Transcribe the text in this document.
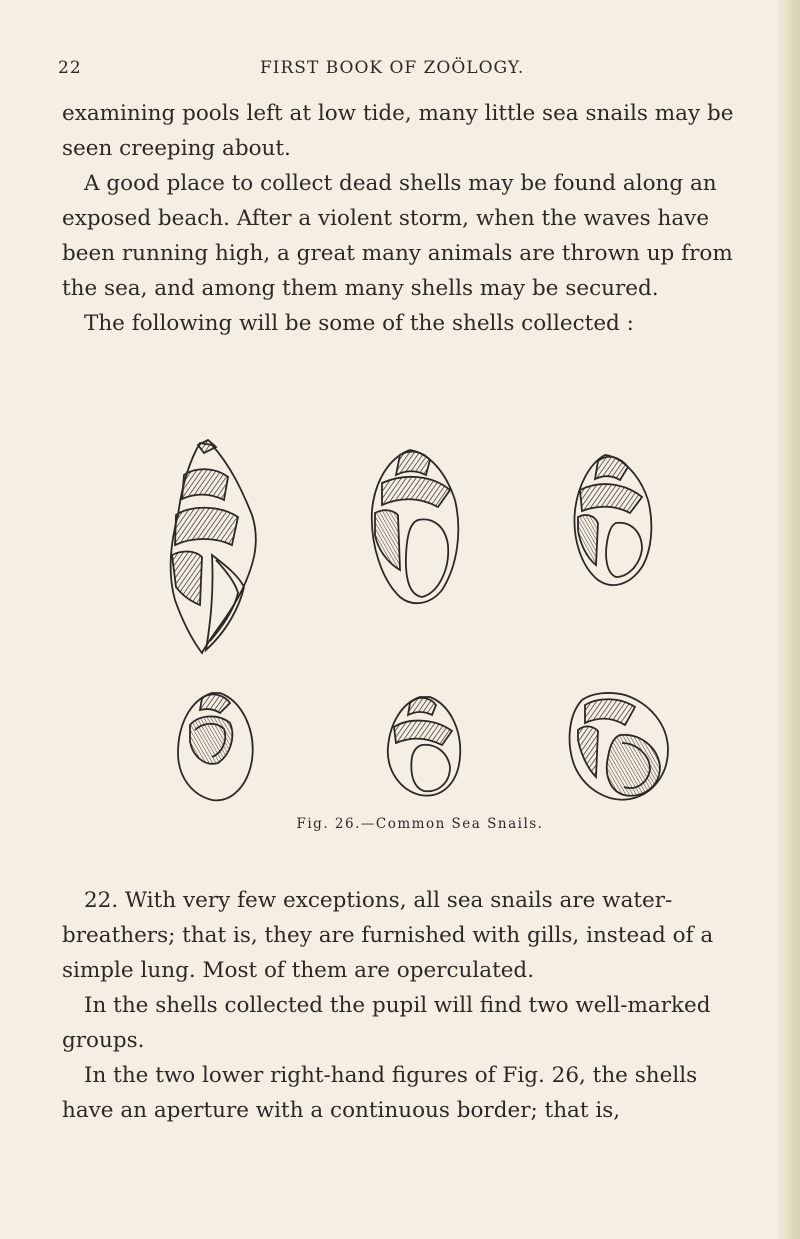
22	FIRST BOOK OF ZOÖLOGY.

examining pools left at low tide, many little sea snails may be seen creeping about.

A good place to collect dead shells may be found along an exposed beach. After a violent storm, when the waves have been running high, a great many animals are thrown up from the sea, and among them many shells may be secured.

The following will be some of the shells collected :

Fig. 26.—Common Sea Snails.

22. With very few exceptions, all sea snails are water-breathers; that is, they are furnished with gills, instead of a simple lung. Most of them are operculated.

In the shells collected the pupil will find two well-marked groups.

In the two lower right-hand figures of Fig. 26, the shells have an aperture with a continuous border; that is,
